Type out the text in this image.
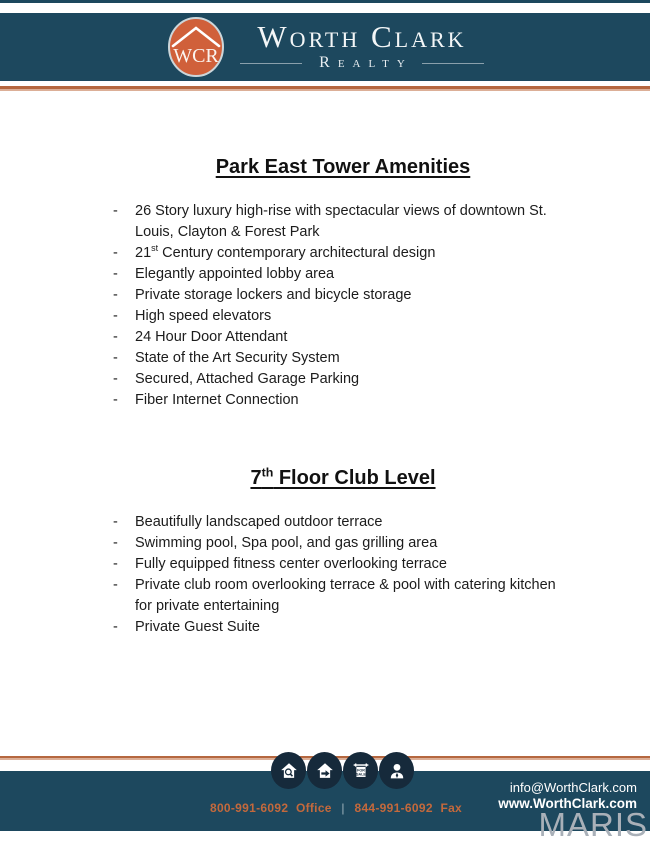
WCR
Worth Clark
Realty
Park East Tower Amenities
-	26 Story luxury high-rise with spectacular views of downtown St. Louis, Clayton & Forest Park
-	21st Century contemporary architectural design
-	Elegantly appointed lobby area
-	Private storage lockers and bicycle storage
-	High speed elevators
-	24 Hour Door Attendant
-	State of the Art Security System
-	Secured, Attached Garage Parking
-	Fiber Internet Connection
7th Floor Club Level
-	Beautifully landscaped outdoor terrace
-	Swimming pool, Spa pool, and gas grilling area
-	Fully equipped fitness center overlooking terrace
-	Private club room overlooking terrace & pool with catering kitchen for private entertaining
-	Private Guest Suite
FOR
SALE
800-991-6092 Office | 844-991-6092 Fax
info@WorthClark.com
www.WorthClark.com
MARIS
